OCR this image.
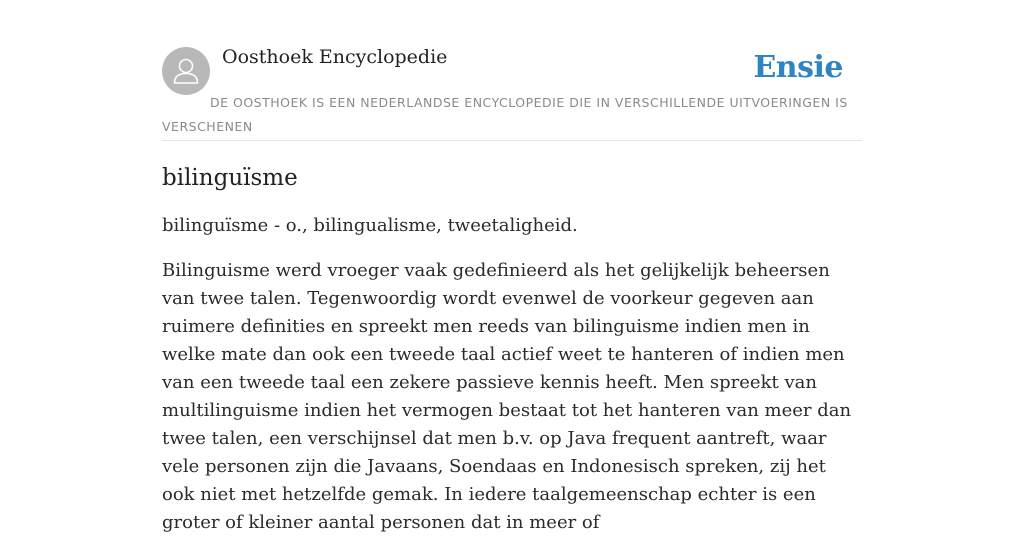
Oosthoek Encyclopedie	Ensie
DE OOSTHOEK IS EEN NEDERLANDSE ENCYCLOPEDIE DIE IN VERSCHILLENDE UITVOERINGEN IS VERSCHENEN
bilinguïsme

bilinguïsme - o., bilingualisme, tweetaligheid.

Bilinguisme werd vroeger vaak gedefinieerd als het gelijkelijk beheersen van twee talen. Tegenwoordig wordt evenwel de voorkeur gegeven aan ruimere definities en spreekt men reeds van bilinguisme indien men in welke mate dan ook een tweede taal actief weet te hanteren of indien men van een tweede taal een zekere passieve kennis heeft. Men spreekt van multilinguisme indien het vermogen bestaat tot het hanteren van meer dan twee talen, een verschijnsel dat men b.v. op Java frequent aantreft, waar vele personen zijn die Javaans, Soendaas en Indonesisch spreken, zij het ook niet met hetzelfde gemak. In iedere taalgemeenschap echter is een groter of kleiner aantal personen dat in meer of
